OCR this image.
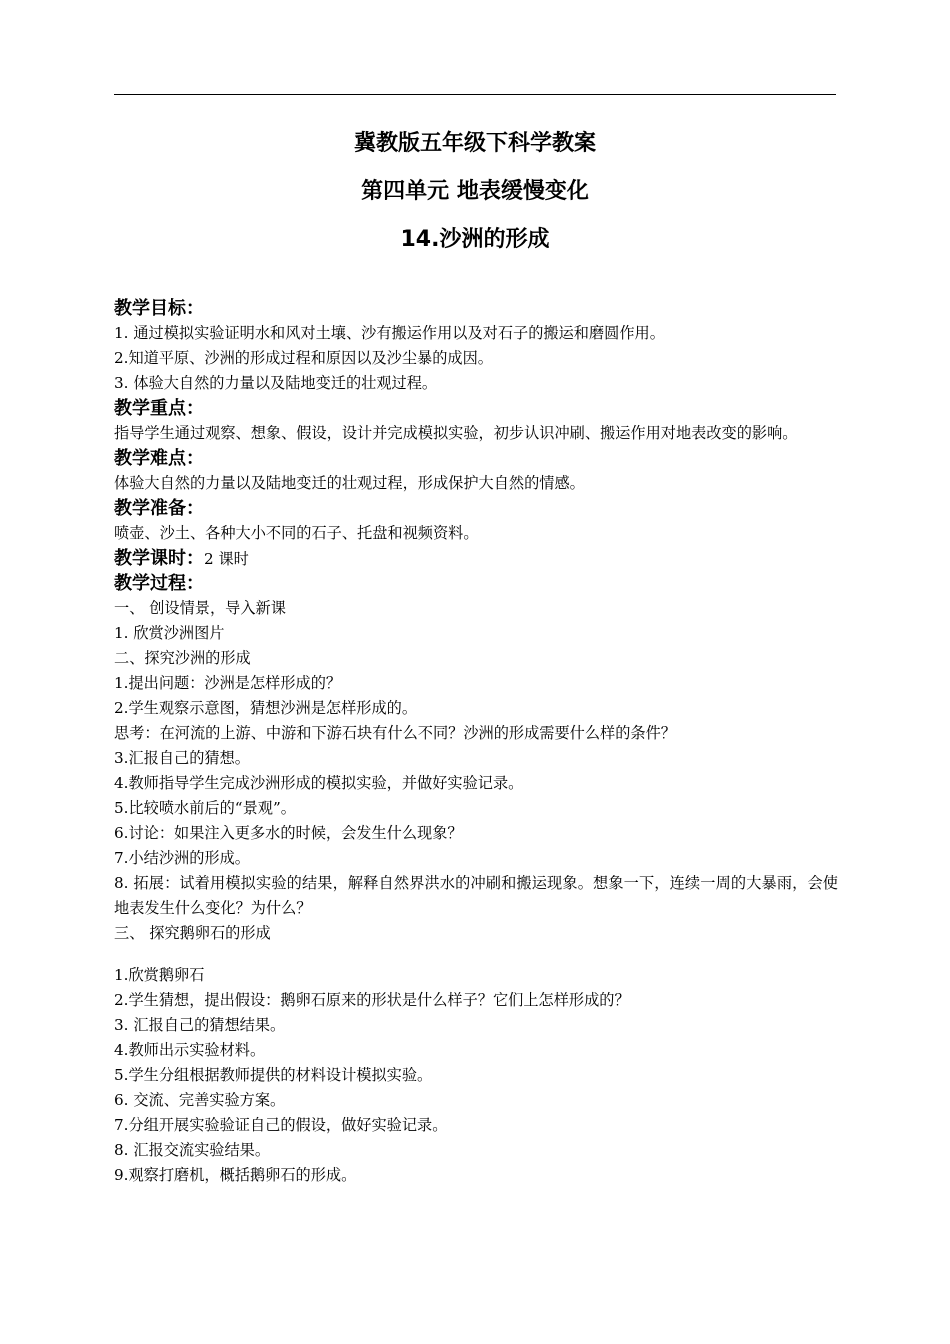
冀教版五年级下科学教案
第四单元 地表缓慢变化
14.沙洲的形成
教学目标：
1. 通过模拟实验证明水和风对土壤、沙有搬运作用以及对石子的搬运和磨圆作用。
2.知道平原、沙洲的形成过程和原因以及沙尘暴的成因。
3. 体验大自然的力量以及陆地变迁的壮观过程。
教学重点：
指导学生通过观察、想象、假设，设计并完成模拟实验，初步认识冲刷、搬运作用对地表改变的影响。
教学难点：
体验大自然的力量以及陆地变迁的壮观过程，形成保护大自然的情感。
教学准备：
喷壶、沙土、各种大小不同的石子、托盘和视频资料。
教学课时：2 课时
教学过程：
一、 创设情景，导入新课
1. 欣赏沙洲图片
二、探究沙洲的形成
1.提出问题：沙洲是怎样形成的？
2.学生观察示意图，猜想沙洲是怎样形成的。
思考：在河流的上游、中游和下游石块有什么不同？沙洲的形成需要什么样的条件？
3.汇报自己的猜想。
4.教师指导学生完成沙洲形成的模拟实验，并做好实验记录。
5.比较喷水前后的“景观”。
6.讨论：如果注入更多水的时候，会发生什么现象？
7.小结沙洲的形成。
8. 拓展：试着用模拟实验的结果，解释自然界洪水的冲刷和搬运现象。想象一下，连续一周的大暴雨，会使地表发生什么变化？为什么？
三、 探究鹅卵石的形成
1.欣赏鹅卵石
2.学生猜想，提出假设：鹅卵石原来的形状是什么样子？它们上怎样形成的？
3. 汇报自己的猜想结果。
4.教师出示实验材料。
5.学生分组根据教师提供的材料设计模拟实验。
6. 交流、完善实验方案。
7.分组开展实验验证自己的假设，做好实验记录。
8. 汇报交流实验结果。
9.观察打磨机，概括鹅卵石的形成。
